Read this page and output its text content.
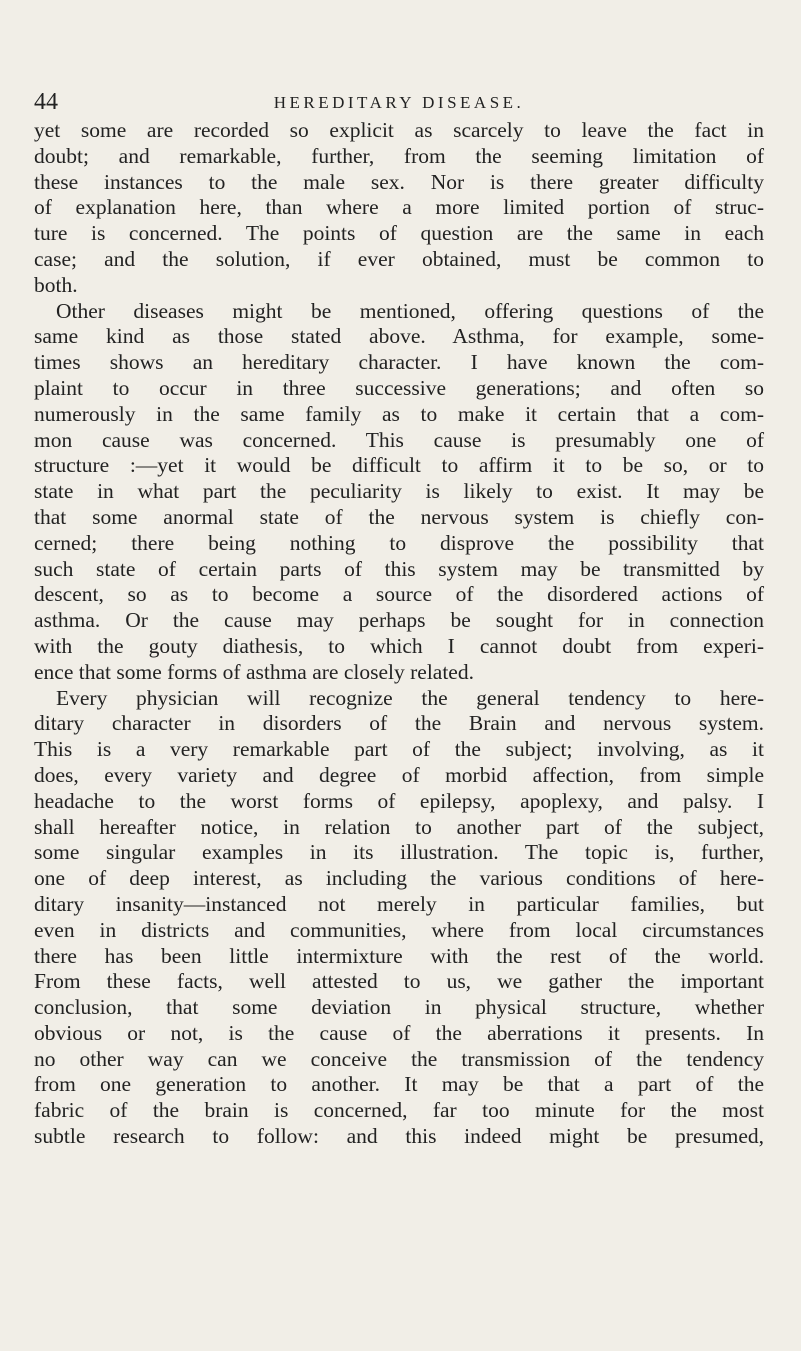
44	HEREDITARY DISEASE.
yet some are recorded so explicit as scarcely to leave the fact in
doubt; and remarkable, further, from the seeming limitation of
these instances to the male sex. Nor is there greater difficulty
of explanation here, than where a more limited portion of struc-
ture is concerned. The points of question are the same in each
case; and the solution, if ever obtained, must be common to
both.
Other diseases might be mentioned, offering questions of the
same kind as those stated above. Asthma, for example, some-
times shows an hereditary character. I have known the com-
plaint to occur in three successive generations; and often so
numerously in the same family as to make it certain that a com-
mon cause was concerned. This cause is presumably one of
structure :—yet it would be difficult to affirm it to be so, or to
state in what part the peculiarity is likely to exist. It may be
that some anormal state of the nervous system is chiefly con-
cerned; there being nothing to disprove the possibility that
such state of certain parts of this system may be transmitted by
descent, so as to become a source of the disordered actions of
asthma. Or the cause may perhaps be sought for in connection
with the gouty diathesis, to which I cannot doubt from experi-
ence that some forms of asthma are closely related.
Every physician will recognize the general tendency to here-
ditary character in disorders of the Brain and nervous system.
This is a very remarkable part of the subject; involving, as it
does, every variety and degree of morbid affection, from simple
headache to the worst forms of epilepsy, apoplexy, and palsy. I
shall hereafter notice, in relation to another part of the subject,
some singular examples in its illustration. The topic is, further,
one of deep interest, as including the various conditions of here-
ditary insanity—instanced not merely in particular families, but
even in districts and communities, where from local circumstances
there has been little intermixture with the rest of the world.
From these facts, well attested to us, we gather the important
conclusion, that some deviation in physical structure, whether
obvious or not, is the cause of the aberrations it presents. In
no other way can we conceive the transmission of the tendency
from one generation to another. It may be that a part of the
fabric of the brain is concerned, far too minute for the most
subtle research to follow: and this indeed might be presumed,
